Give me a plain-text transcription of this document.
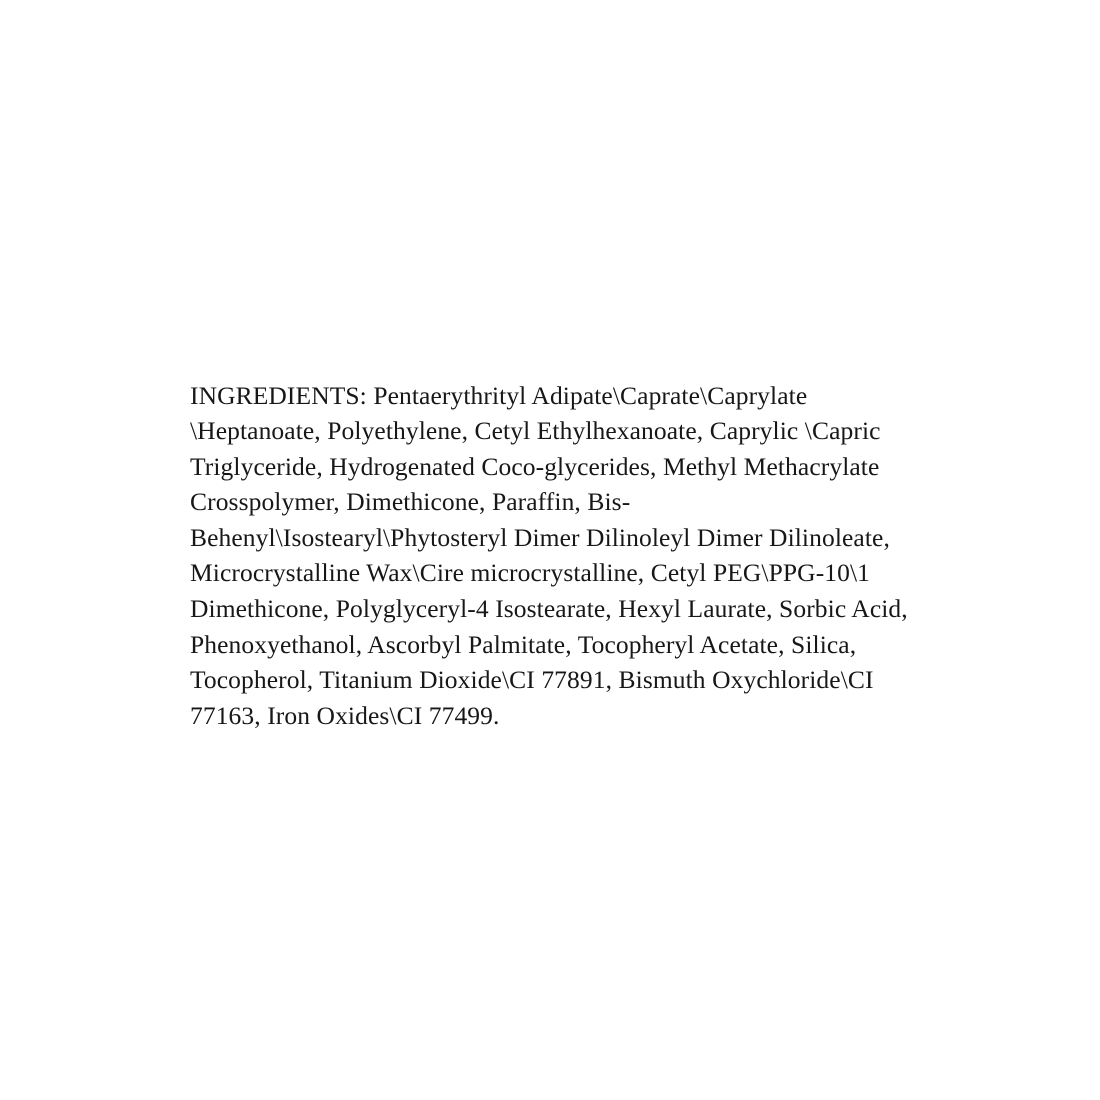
INGREDIENTS: Pentaerythrityl Adipate\Caprate\Caprylate \Heptanoate, Polyethylene, Cetyl Ethylhexanoate, Caprylic \Capric Triglyceride, Hydrogenated Coco-glycerides, Methyl Methacrylate Crosspolymer, Dimethicone, Paraffin, Bis-Behenyl\Isostearyl\Phytosteryl Dimer Dilinoleyl Dimer Dilinoleate, Microcrystalline Wax\Cire microcrystalline, Cetyl PEG\PPG-10\1 Dimethicone, Polyglyceryl-4 Isostearate, Hexyl Laurate, Sorbic Acid, Phenoxyethanol, Ascorbyl Palmitate, Tocopheryl Acetate, Silica, Tocopherol, Titanium Dioxide\CI 77891, Bismuth Oxychloride\CI 77163, Iron Oxides\CI 77499.
